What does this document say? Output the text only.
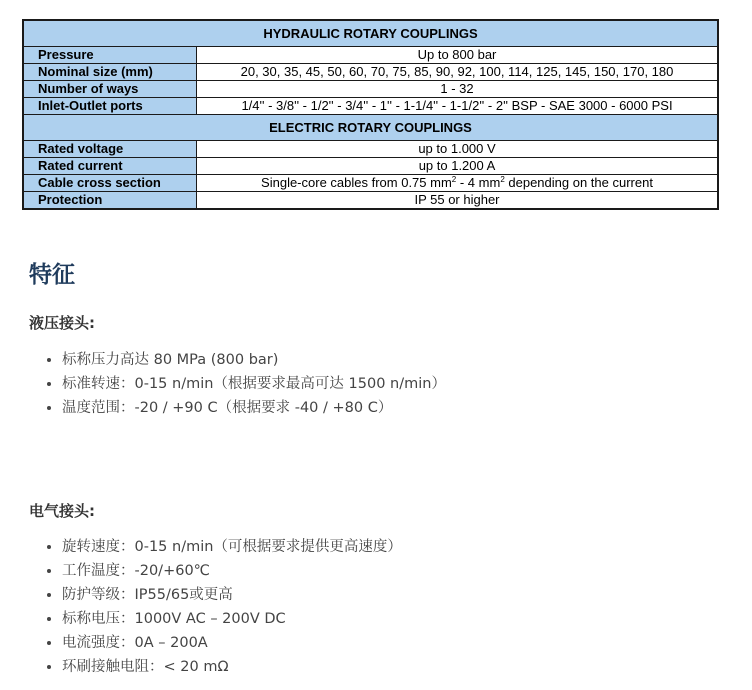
HYDRAULIC ROTARY COUPLINGS	
Pressure	Up to 800 bar
Nominal size (mm)	20, 30, 35, 45, 50, 60, 70, 75, 85, 90, 92, 100, 114, 125, 145, 150, 170, 180
Number of ways	1 - 32
Inlet-Outlet ports	1/4'' - 3/8'' - 1/2'' - 3/4'' - 1'' - 1-1/4'' - 1-1/2'' - 2'' BSP - SAE 3000 - 6000 PSI
ELECTRIC ROTARY COUPLINGS	
Rated voltage	up to 1.000 V
Rated current	up to 1.200 A
Cable cross section	Single-core cables from 0.75 $mm^2 - 4$ $mm^2$ depending on the current
Protection	IP 55 or higher
特征

液压接头:

• 标称压力高达 80 MPa (800 bar)
• 标准转速：0-15 n/min（根据要求最高可达 1500 n/min）
• 温度范围：-20 / +90 C（根据要求 -40 / +80 C）

电气接头:

• 旋转速度：0-15 n/min（可根据要求提供更高速度）
• 工作温度：-20/+60℃
• 防护等级：IP55/65或更高
• 标称电压：1000V AC – 200V DC
• 电流强度：0A – 200A
• 环刷接触电阻：< 20 mΩ
